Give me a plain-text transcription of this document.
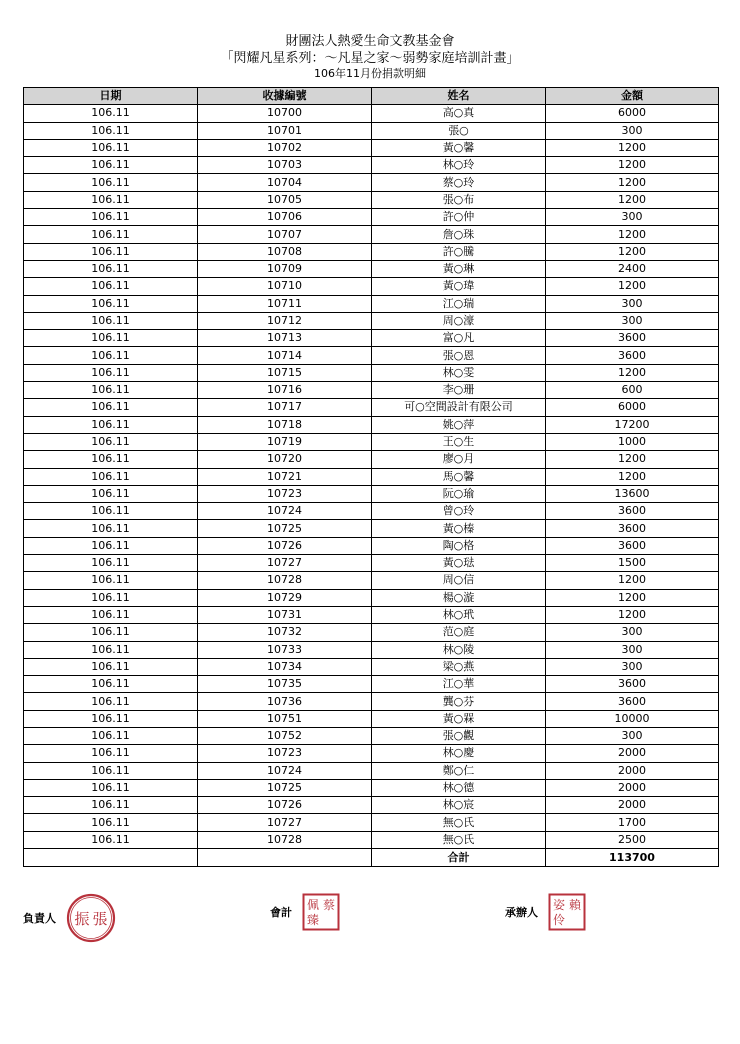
財團法人熱愛生命文教基金會
「閃耀凡星系列：～凡星之家～弱勢家庭培訓計畫」
106年11月份捐款明細
日期	收據編號	姓名	金額
106.11	10700	高○真	6000
106.11	10701	張○	300
106.11	10702	黃○馨	1200
106.11	10703	林○玲	1200
106.11	10704	蔡○玲	1200
106.11	10705	張○布	1200
106.11	10706	許○仲	300
106.11	10707	詹○珠	1200
106.11	10708	許○騰	1200
106.11	10709	黃○琳	2400
106.11	10710	黃○瑋	1200
106.11	10711	江○瑞	300
106.11	10712	周○濠	300
106.11	10713	富○凡	3600
106.11	10714	張○恩	3600
106.11	10715	林○雯	1200
106.11	10716	李○珊	600
106.11	10717	可○空間設計有限公司	6000
106.11	10718	姚○萍	17200
106.11	10719	王○生	1000
106.11	10720	廖○月	1200
106.11	10721	馬○馨	1200
106.11	10723	阮○瑜	13600
106.11	10724	曾○玲	3600
106.11	10725	黃○榛	3600
106.11	10726	陶○格	3600
106.11	10727	黃○琺	1500
106.11	10728	周○信	1200
106.11	10729	楊○漩	1200
106.11	10731	林○玳	1200
106.11	10732	范○庭	300
106.11	10733	林○陵	300
106.11	10734	梁○燕	300
106.11	10735	江○華	3600
106.11	10736	龔○芬	3600
106.11	10751	黃○槑	10000
106.11	10752	張○觀	300
106.11	10723	林○慶	2000
106.11	10724	鄭○仁	2000
106.11	10725	林○德	2000
106.11	10726	林○宸	2000
106.11	10727	無○氏	1700
106.11	10728	無○氏	2500
		合計	113700
負責人 振 張	會計
蔡
佩
臻
承辦人
賴
姿
伶
